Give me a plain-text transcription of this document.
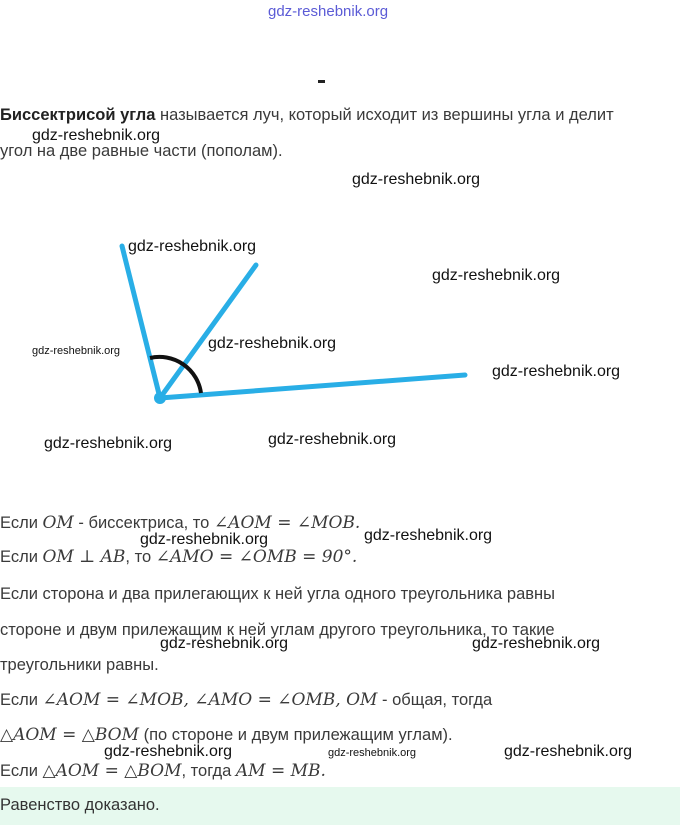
gdz-reshebnik.org
Биссектрисой угла называется луч, который исходит из вершины угла и делит
угол на две равные части (пополам).
Если OM - биссектриса, то ∠AOM = ∠MOB.
Если OM ⊥ AB, то ∠AMO = ∠OMB = 90°.
Если сторона и два прилегающих к ней угла одного треугольника равны
стороне и двум прилежащим к ней углам другого треугольника, то такие
треугольники равны.
Если ∠AOM = ∠MOB, ∠AMO = ∠OMB, OM - общая, тогда
△AOM = △BOM (по стороне и двум прилежащим углам).
Если △AOM = △BOM, тогда AM = MB.
Равенство доказано.
gdz-reshebnik.org
gdz-reshebnik.org
gdz-reshebnik.org
gdz-reshebnik.org
gdz-reshebnik.org	gdz-reshebnik.org
gdz-reshebnik.org
gdz-reshebnik.org	gdz-reshebnik.org
gdz-reshebnik.org	gdz-reshebnik.org
gdz-reshebnik.org	gdz-reshebnik.org
gdz-reshebnik.org	gdz-reshebnik.org	gdz-reshebnik.org
